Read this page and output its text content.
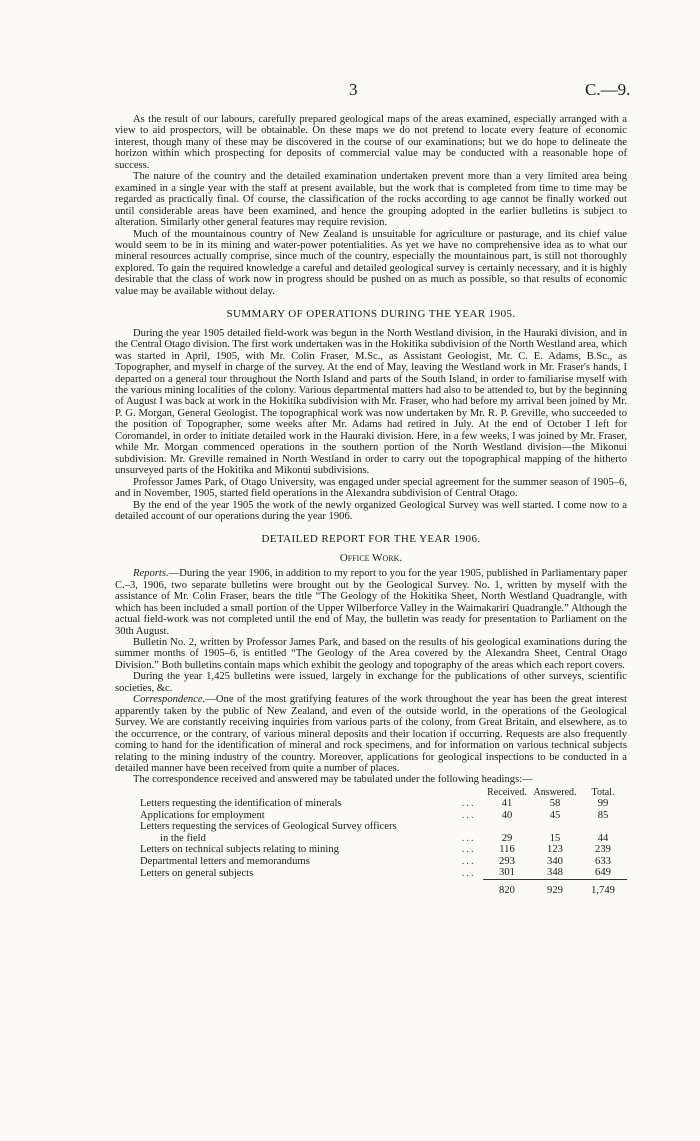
3	C.—9.

As the result of our labours, carefully prepared geological maps of the areas examined, especially arranged with a view to aid prospectors, will be obtainable. On these maps we do not pretend to locate every feature of economic interest, though many of these may be discovered in the course of our examinations; but we do hope to delineate the horizon within which prospecting for deposits of commercial value may be conducted with a reasonable hope of success.

The nature of the country and the detailed examination undertaken prevent more than a very limited area being examined in a single year with the staff at present available, but the work that is completed from time to time may be regarded as practically final. Of course, the classification of the rocks according to age cannot be finally worked out until considerable areas have been examined, and hence the grouping adopted in the earlier bulletins is subject to alteration. Similarly other general features may require revision.

Much of the mountainous country of New Zealand is unsuitable for agriculture or pasturage, and its chief value would seem to be in its mining and water-power potentialities. As yet we have no comprehensive idea as to what our mineral resources actually comprise, since much of the country, especially the mountainous part, is still not thoroughly explored. To gain the required knowledge a careful and detailed geological survey is certainly necessary, and it is highly desirable that the class of work now in progress should be pushed on as much as possible, so that results of economic value may be available without delay.

SUMMARY OF OPERATIONS DURING THE YEAR 1905.

During the year 1905 detailed field-work was begun in the North Westland division, in the Hauraki division, and in the Central Otago division. The first work undertaken was in the Hokitika subdivision of the North Westland area, which was started in April, 1905, with Mr. Colin Fraser, M.Sc., as Assistant Geologist, Mr. C. E. Adams, B.Sc., as Topographer, and myself in charge of the survey. At the end of May, leaving the Westland work in Mr. Fraser's hands, I departed on a general tour throughout the North Island and parts of the South Island, in order to familiarise myself with the various mining localities of the colony. Various departmental matters had also to be attended to, but by the beginning of August I was back at work in the Hokitika subdivision with Mr. Fraser, who had before my arrival been joined by Mr. P. G. Morgan, General Geologist. The topographical work was now undertaken by Mr. R. P. Greville, who succeeded to the position of Topographer, some weeks after Mr. Adams had retired in July. At the end of October I left for Coromandel, in order to initiate detailed work in the Hauraki division. Here, in a few weeks, I was joined by Mr. Fraser, while Mr. Morgan commenced operations in the southern portion of the North Westland division—the Mikonui subdivision. Mr. Greville remained in North Westland in order to carry out the topographical mapping of the hitherto unsurveyed parts of the Hokitika and Mikonui subdivisions.

Professor James Park, of Otago University, was engaged under special agreement for the summer season of 1905–6, and in November, 1905, started field operations in the Alexandra subdivision of Central Otago.

By the end of the year 1905 the work of the newly organized Geological Survey was well started. I come now to a detailed account of our operations during the year 1906.

DETAILED REPORT FOR THE YEAR 1906.
Office Work.

Reports.—During the year 1906, in addition to my report to you for the year 1905, published in Parliamentary paper C.–3, 1906, two separate bulletins were brought out by the Geological Survey. No. 1, written by myself with the assistance of Mr. Colin Fraser, bears the title “The Geology of the Hokitika Sheet, North Westland Quadrangle, with which has been included a small portion of the Upper Wilberforce Valley in the Waimakariri Quadrangle.” Although the actual field-work was not completed until the end of May, the bulletin was ready for presentation to Parliament on the 30th August.

Bulletin No. 2, written by Professor James Park, and based on the results of his geological examinations during the summer months of 1905–6, is entitled “The Geology of the Area covered by the Alexandra Sheet, Central Otago Division.” Both bulletins contain maps which exhibit the geology and topography of the areas which each report covers.

During the year 1,425 bulletins were issued, largely in exchange for the publications of other surveys, scientific societies, &c.

Correspondence.—One of the most gratifying features of the work throughout the year has been the great interest apparently taken by the public of New Zealand, and even of the outside world, in the operations of the Geological Survey. We are constantly receiving inquiries from various parts of the colony, from Great Britain, and elsewhere, as to the occurrence, or the contrary, of various mineral deposits and their location if occurring. Requests are also frequently coming to hand for the identification of mineral and rock specimens, and for information on various technical subjects relating to the mining industry of the country. Moreover, applications for geological inspections to be conducted in a detailed manner have been received from quite a number of places.

The correspondence received and answered may be tabulated under the following headings:—

		Received.	Answered.	Total.
Letters requesting the identification of minerals	...	41	58	99
Applications for employment	...	40	45	85
Letters requesting the services of Geological Survey officers				
in the field	...	29	15	44
Letters on technical subjects relating to mining	...	116	123	239
Departmental letters and memorandums	...	293	340	633
Letters on general subjects	...	301	348	649

		820	929	1,749
